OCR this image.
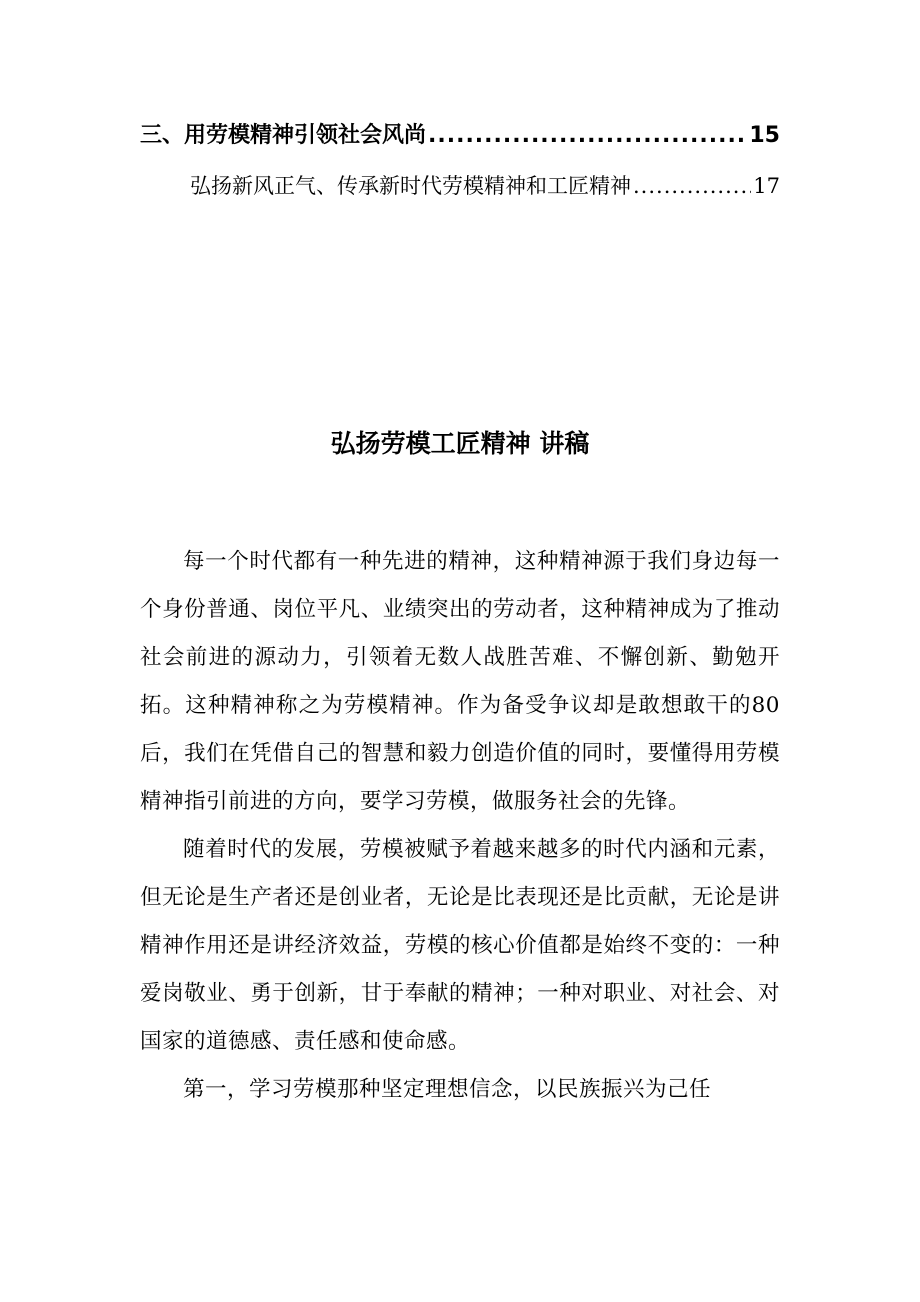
三、用劳模精神引领社会风尚 .....	15
弘扬新风正气、传承新时代劳模精神和工匠精神 .....	17
弘扬劳模工匠精神 讲稿

每一个时代都有一种先进的精神，这种精神源于我们身边每一个身份普通、岗位平凡、业绩突出的劳动者，这种精神成为了推动社会前进的源动力，引领着无数人战胜苦难、不懈创新、勤勉开拓。这种精神称之为劳模精神。作为备受争议却是敢想敢干的80后，我们在凭借自己的智慧和毅力创造价值的同时，要懂得用劳模精神指引前进的方向，要学习劳模，做服务社会的先锋。

随着时代的发展，劳模被赋予着越来越多的时代内涵和元素，但无论是生产者还是创业者，无论是比表现还是比贡献，无论是讲精神作用还是讲经济效益，劳模的核心价值都是始终不变的：一种爱岗敬业、勇于创新，甘于奉献的精神；一种对职业、对社会、对国家的道德感、责任感和使命感。

第一，学习劳模那种坚定理想信念，以民族振兴为己任
